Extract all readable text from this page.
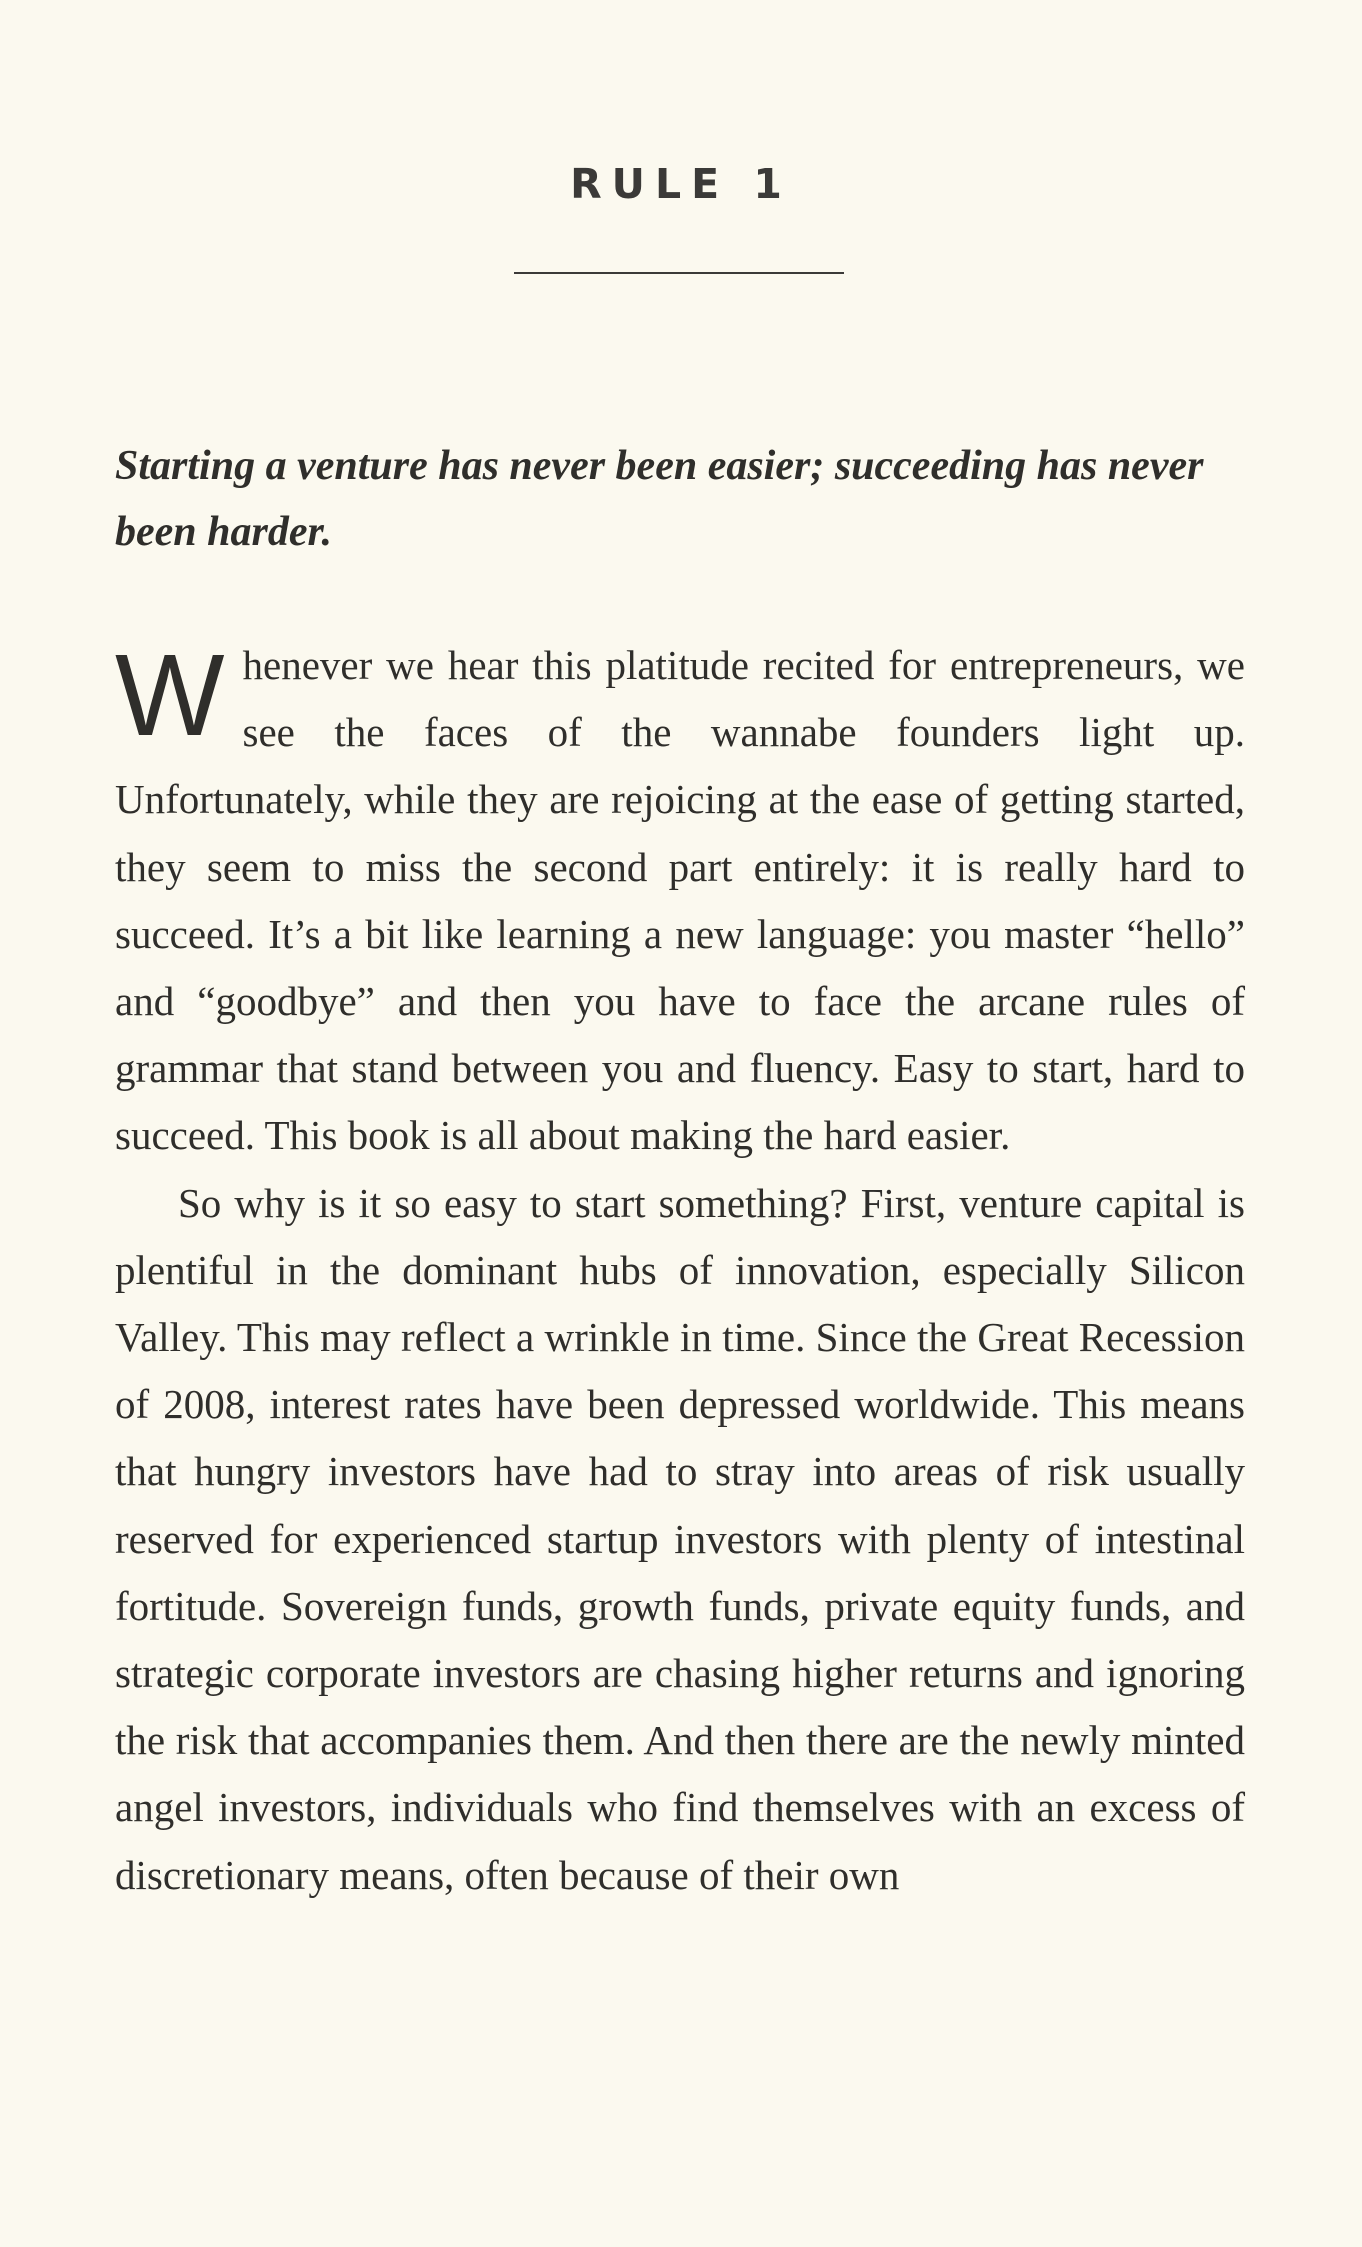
RULE 1

Starting a venture has never been easier; succeeding has never been harder.

W henever we hear this platitude recited for entrepreneurs, we see the faces of the wannabe founders light up. Unfortunately, while they are rejoicing at the ease of getting started, they seem to miss the second part entirely: it is really hard to succeed. It’s a bit like learning a new language: you master “hello” and “goodbye” and then you have to face the arcane rules of grammar that stand between you and fluency. Easy to start, hard to succeed. This book is all about making the hard easier.

So why is it so easy to start something? First, venture capital is plentiful in the dominant hubs of innovation, especially Silicon Valley. This may reflect a wrinkle in time. Since the Great Recession of 2008, interest rates have been depressed worldwide. This means that hungry investors have had to stray into areas of risk usually reserved for experienced startup investors with plenty of intestinal fortitude. Sovereign funds, growth funds, private equity funds, and strategic corporate investors are chasing higher returns and ignoring the risk that accompanies them. And then there are the newly minted angel investors, individuals who find themselves with an excess of discretionary means, often because of their own
